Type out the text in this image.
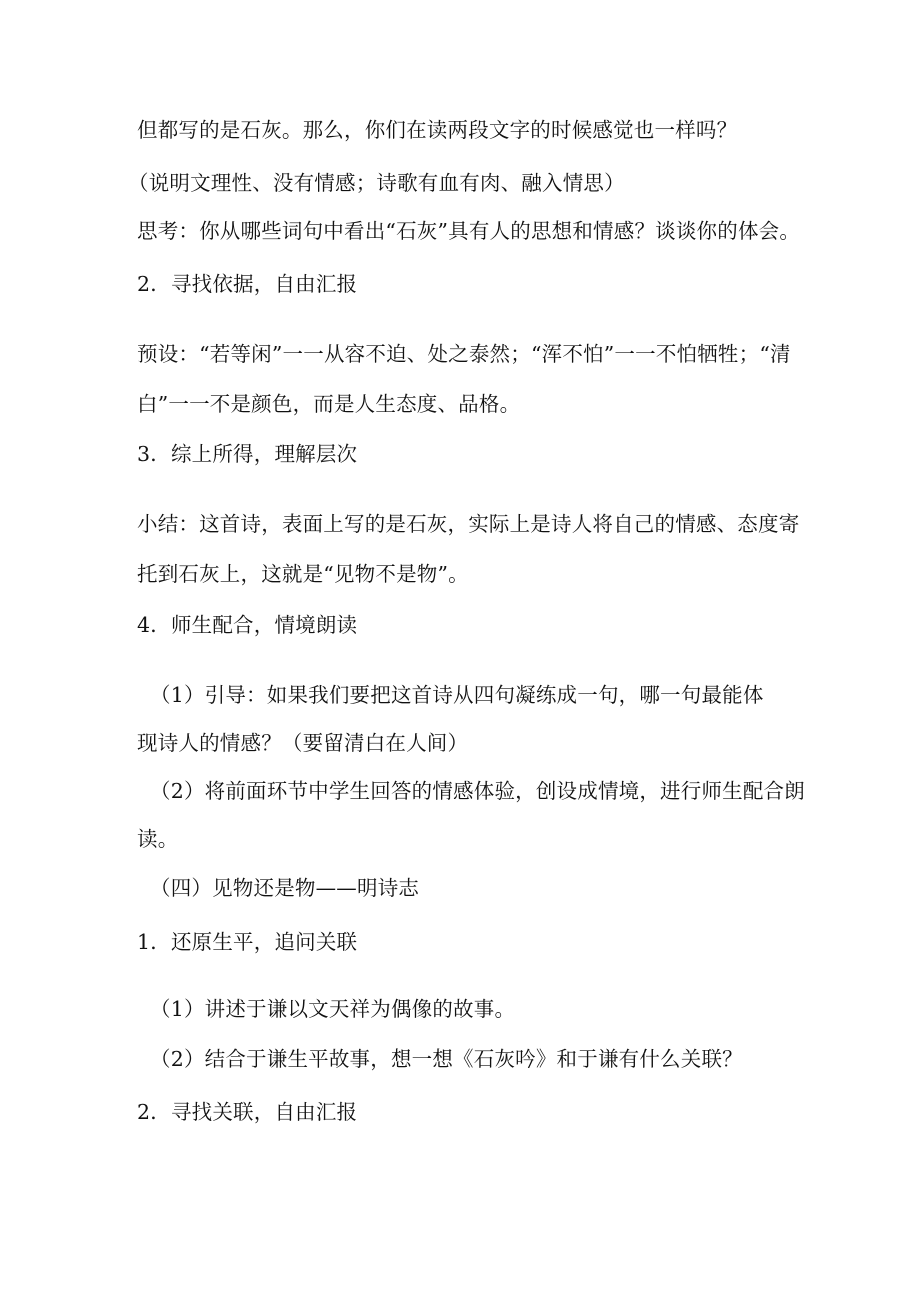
但都写的是石灰。那么，你们在读两段文字的时候感觉也一样吗？
（说明文理性、没有情感；诗歌有血有肉、融入情思）
思考：你从哪些词句中看出“石灰”具有人的思想和情感？谈谈你的体会。
2．寻找依据，自由汇报
预设：“若等闲”一一从容不迫、处之泰然；“浑不怕”一一不怕牺牲；“清
白”一一不是颜色，而是人生态度、品格。
3．综上所得，理解层次
小结：这首诗，表面上写的是石灰，实际上是诗人将自己的情感、态度寄
托到石灰上，这就是“见物不是物”。
4．师生配合，情境朗读
（1）引导：如果我们要把这首诗从四句凝练成一句，哪一句最能体
现诗人的情感？（要留清白在人间）
（2）将前面环节中学生回答的情感体验，创设成情境，进行师生配合朗
读。
（四）见物还是物——明诗志
1．还原生平，追问关联
（1）讲述于谦以文天祥为偶像的故事。
（2）结合于谦生平故事，想一想《石灰吟》和于谦有什么关联？
2．寻找关联，自由汇报
